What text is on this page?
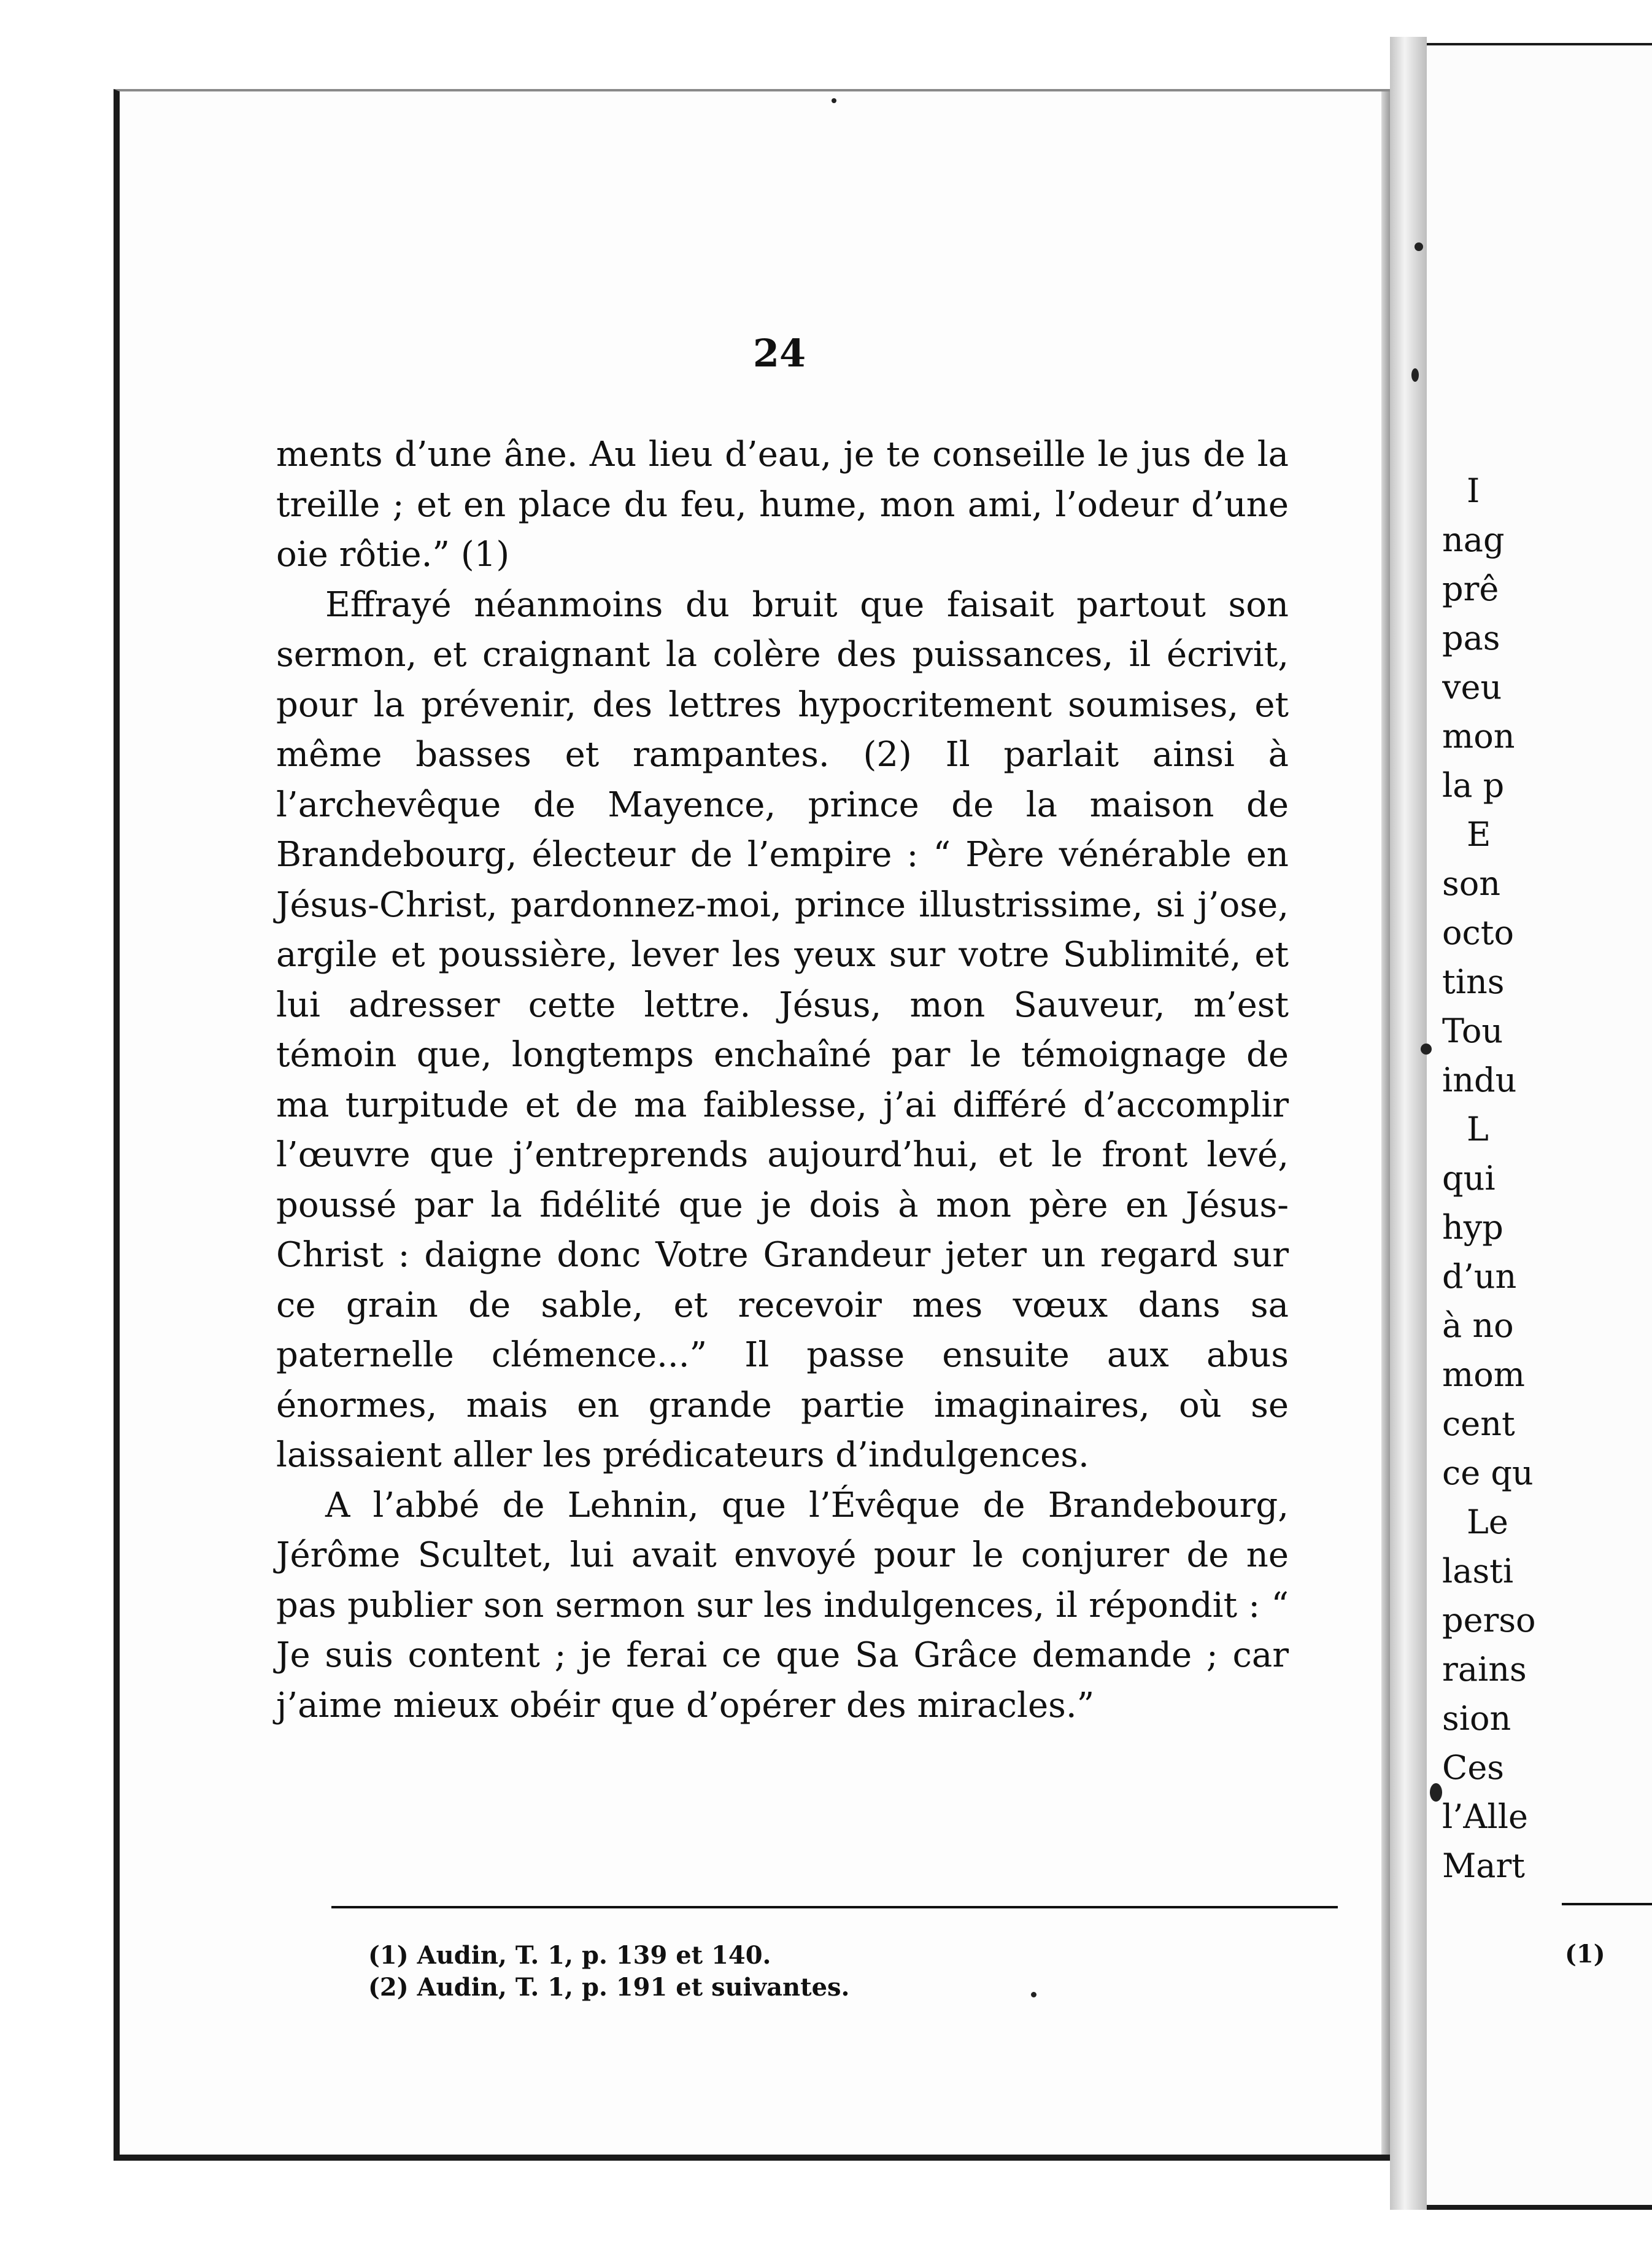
24

ments d’une âne. Au lieu d’eau, je te conseille le jus de la treille ; et en place du feu, hume, mon ami, l’odeur d’une oie rôtie.” (1)

Effrayé néanmoins du bruit que faisait partout son sermon, et craignant la colère des puissances, il écrivit, pour la prévenir, des lettres hypocritement soumises, et même basses et rampantes. (2) Il parlait ainsi à l’archevêque de Mayence, prince de la maison de Brandebourg, électeur de l’empire : “ Père vénérable en Jésus-Christ, pardonnez-moi, prince illustrissime, si j’ose, argile et poussière, lever les yeux sur votre Sublimité, et lui adresser cette lettre. Jésus, mon Sauveur, m’est témoin que, longtemps enchaîné par le témoignage de ma turpitude et de ma faiblesse, j’ai différé d’accomplir l’œuvre que j’entreprends aujourd’hui, et le front levé, poussé par la fidélité que je dois à mon père en Jésus-Christ : daigne donc Votre Grandeur jeter un regard sur ce grain de sable, et recevoir mes vœux dans sa paternelle clémence...” Il passe ensuite aux abus énormes, mais en grande partie imaginaires, où se laissaient aller les prédicateurs d’indulgences.

A l’abbé de Lehnin, que l’Évêque de Brandebourg, Jérôme Scultet, lui avait envoyé pour le conjurer de ne pas publier son sermon sur les indulgences, il répondit : “ Je suis content ; je ferai ce que Sa Grâce demande ; car j’aime mieux obéir que d’opérer des miracles.”

(1) Audin, T. 1, p. 139 et 140.

(2) Audin, T. 1, p. 191 et suivantes.

I
nag
prê
pas
veu
mon
la p
E
son
octo
tins
Tou
indu
L
qui
hyp
d’un
à no
mom
cent
ce qu
Le
lasti
perso
rains
sion
Ces
l’Alle
Mart
(1)
